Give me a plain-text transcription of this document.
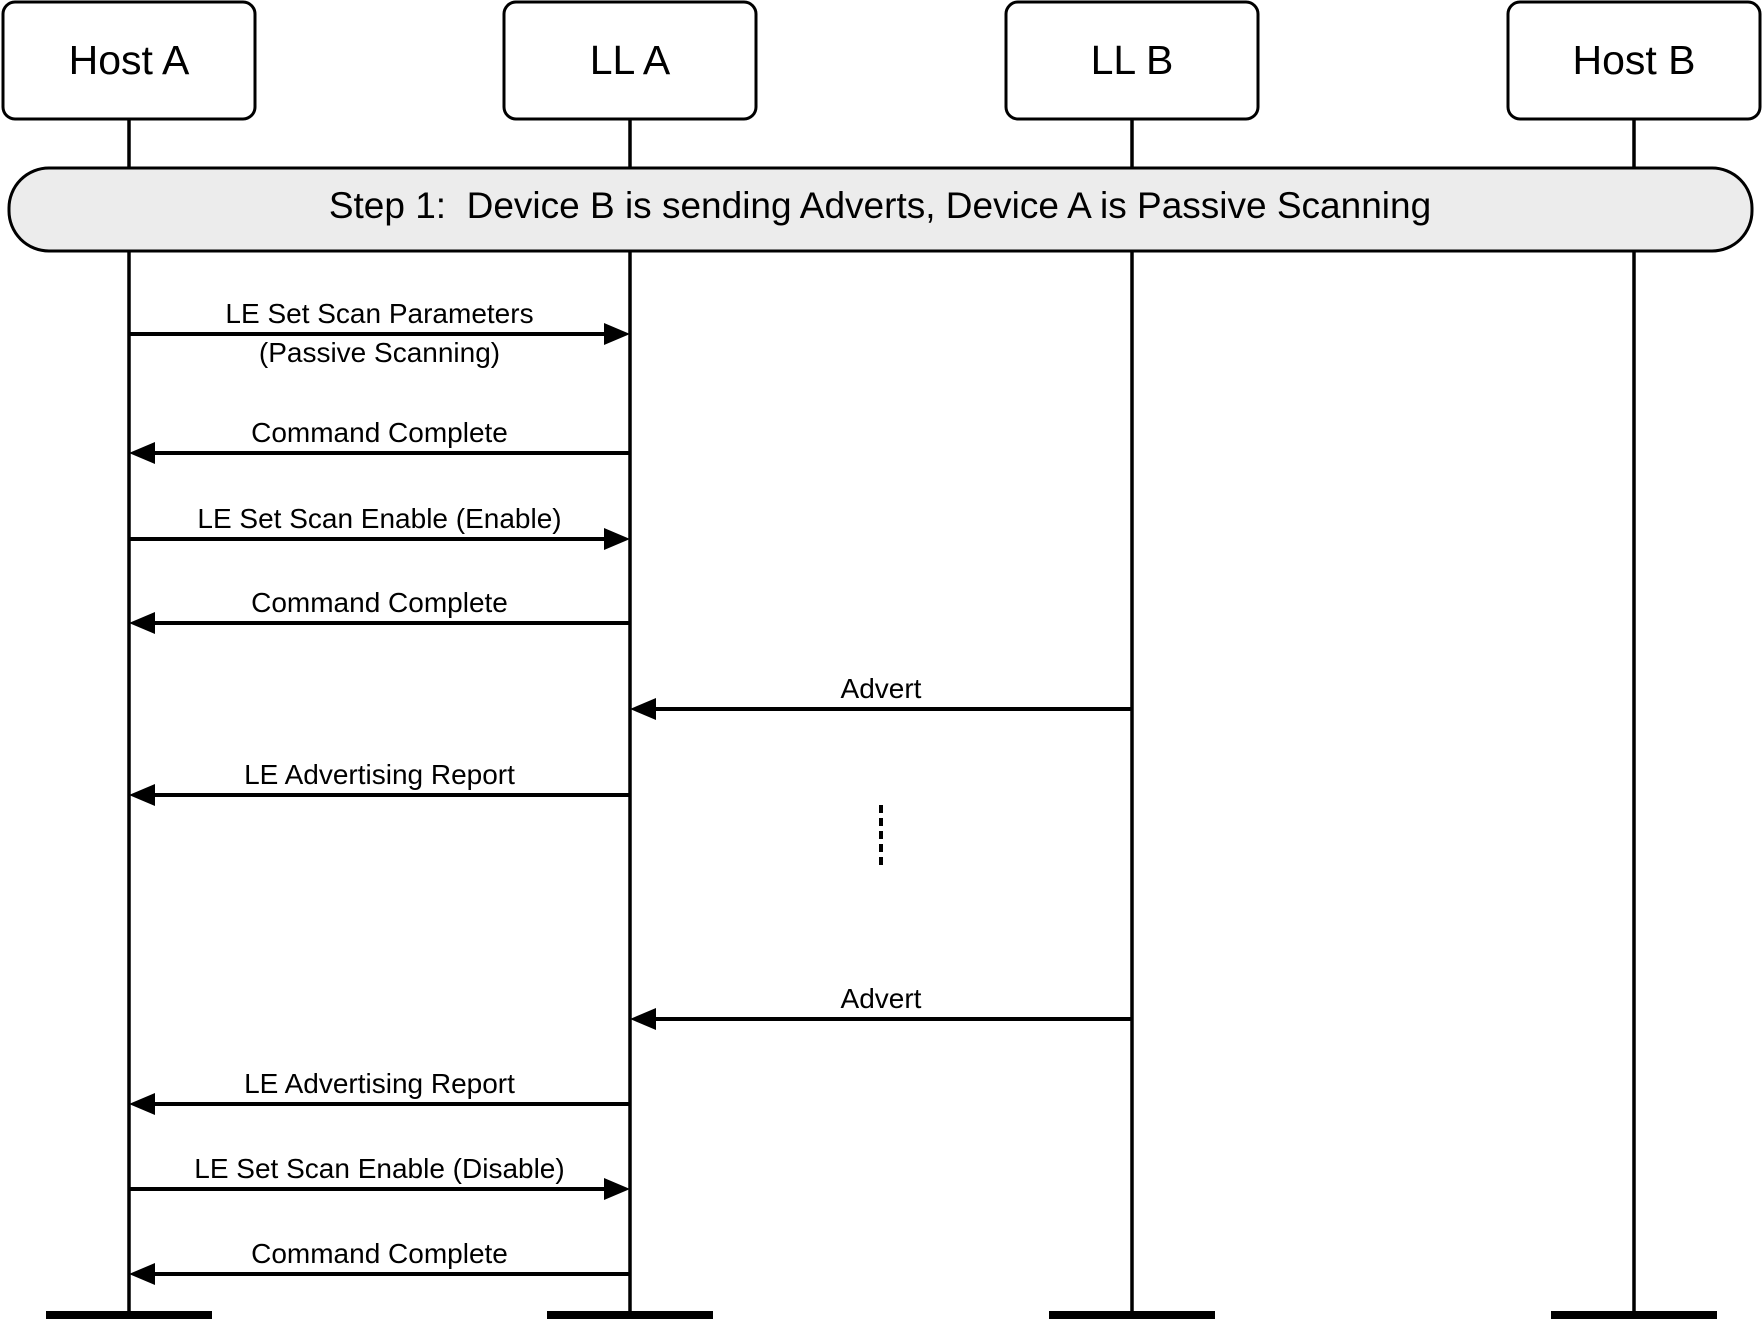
Host A	LL A	LL B	Host B
Step 1:  Device B is sending Adverts, Device A is Passive Scanning
LE Set Scan Parameters
(Passive Scanning)
Command Complete
LE Set Scan Enable (Enable)
Command Complete
Advert
LE Advertising Report
Advert
LE Advertising Report
LE Set Scan Enable (Disable)
Command Complete
